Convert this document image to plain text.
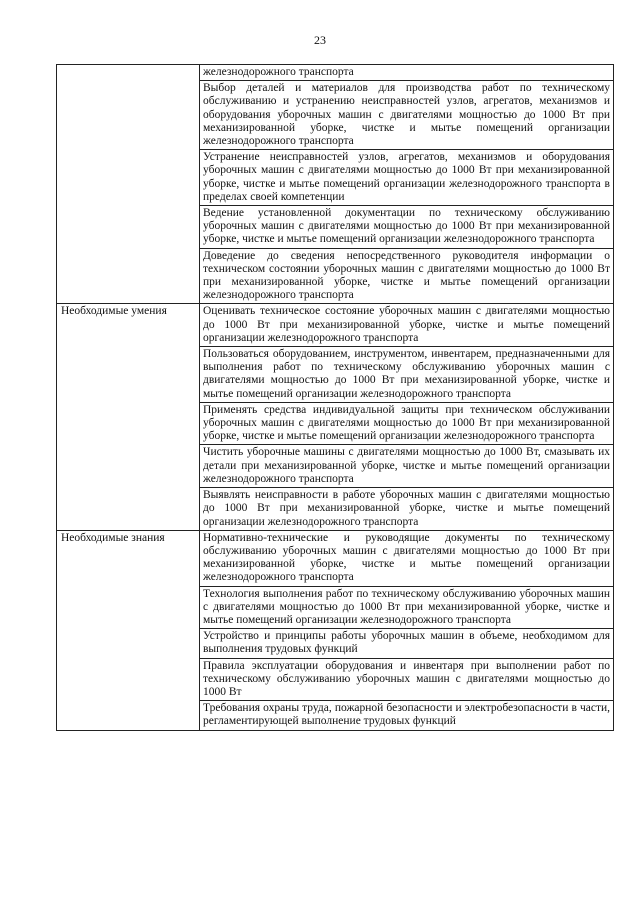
23
	железнодорожного транспорта
	Выбор деталей и материалов для производства работ по техническому обслуживанию и устранению неисправностей узлов, агрегатов, механизмов и оборудования уборочных машин с двигателями мощностью до 1000 Вт при механизированной уборке, чистке и мытье помещений организации железнодорожного транспорта
	Устранение неисправностей узлов, агрегатов, механизмов и оборудования уборочных машин с двигателями мощностью до 1000 Вт при механизированной уборке, чистке и мытье помещений организации железнодорожного транспорта в пределах своей компетенции
	Ведение установленной документации по техническому обслуживанию уборочных машин с двигателями мощностью до 1000 Вт при механизированной уборке, чистке и мытье помещений организации железнодорожного транспорта
	Доведение до сведения непосредственного руководителя информации о техническом состоянии уборочных машин с двигателями мощностью до 1000 Вт при механизированной уборке, чистке и мытье помещений организации железнодорожного транспорта
Необходимые умения	Оценивать техническое состояние уборочных машин с двигателями мощностью до 1000 Вт при механизированной уборке, чистке и мытье помещений организации железнодорожного транспорта
	Пользоваться оборудованием, инструментом, инвентарем, предназначенными для выполнения работ по техническому обслуживанию уборочных машин с двигателями мощностью до 1000 Вт при механизированной уборке, чистке и мытье помещений организации железнодорожного транспорта
	Применять средства индивидуальной защиты при техническом обслуживании уборочных машин с двигателями мощностью до 1000 Вт при механизированной уборке, чистке и мытье помещений организации железнодорожного транспорта
	Чистить уборочные машины с двигателями мощностью до 1000 Вт, смазывать их детали при механизированной уборке, чистке и мытье помещений организации железнодорожного транспорта
	Выявлять неисправности в работе уборочных машин с двигателями мощностью до 1000 Вт при механизированной уборке, чистке и мытье помещений организации железнодорожного транспорта
Необходимые знания	Нормативно-технические и руководящие документы по техническому обслуживанию уборочных машин с двигателями мощностью до 1000 Вт при механизированной уборке, чистке и мытье помещений организации железнодорожного транспорта
	Технология выполнения работ по техническому обслуживанию уборочных машин с двигателями мощностью до 1000 Вт при механизированной уборке, чистке и мытье помещений организации железнодорожного транспорта
	Устройство и принципы работы уборочных машин в объеме, необходимом для выполнения трудовых функций
	Правила эксплуатации оборудования и инвентаря при выполнении работ по техническому обслуживанию уборочных машин с двигателями мощностью до 1000 Вт
	Требования охраны труда, пожарной безопасности и электробезопасности в части, регламентирующей выполнение трудовых функций
